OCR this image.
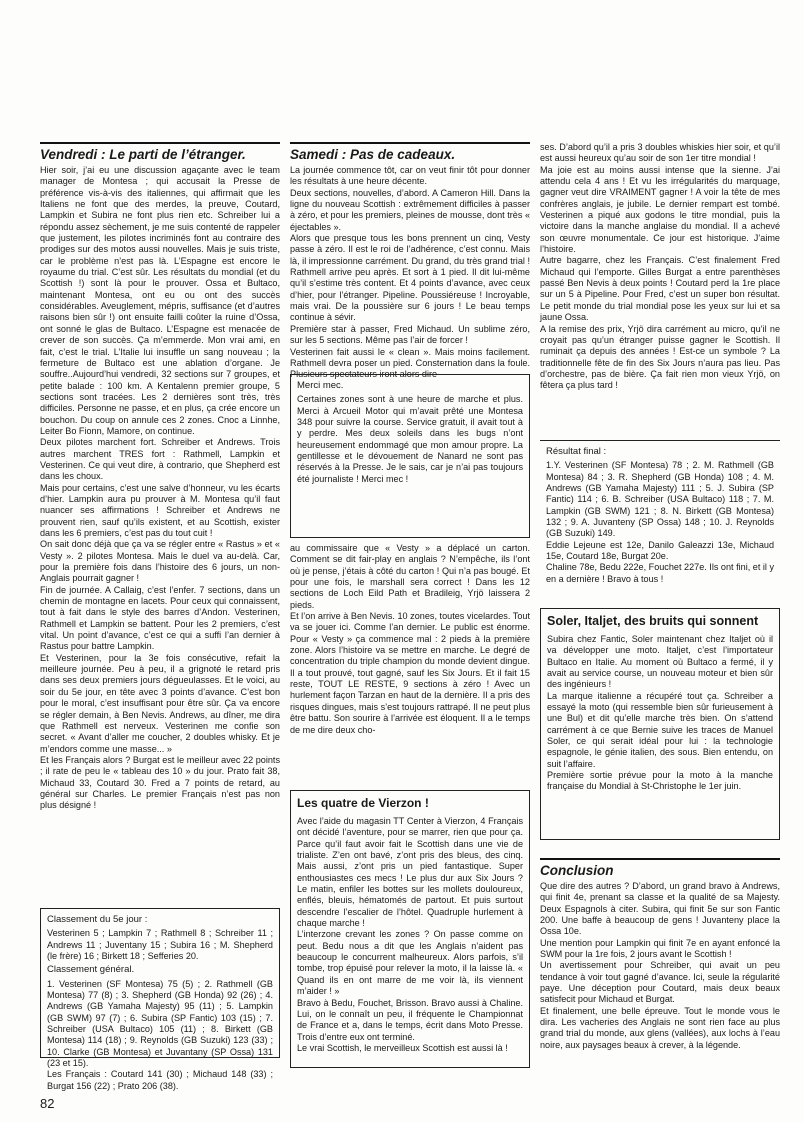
Vendredi : Le parti de l’étranger.

Hier soir, j’ai eu une discussion agaçante avec le team manager de Montesa ; qui accusait la Presse de préférence vis-à-vis des italiennes, qui affirmait que les Italiens ne font que des merdes, la preuve, Coutard, Lampkin et Subira ne font plus rien etc. Schreiber lui a répondu assez sèchement, je me suis contenté de rappeler que justement, les pilotes incriminés font au contraire des prodiges sur des motos aussi nouvelles. Mais je suis triste, car le problème n’est pas là. L’Espagne est encore le royaume du trial. C’est sûr. Les résultats du mondial (et du Scottish !) sont là pour le prouver. Ossa et Bultaco, maintenant Montesa, ont eu ou ont des succès considérables. Aveuglement, mépris, suffisance (et d’autres raisons bien sûr !) ont ensuite failli coûter la ruine d’Ossa, ont sonné le glas de Bultaco. L’Espagne est menacée de crever de son succès. Ça m’emmerde. Mon vrai ami, en fait, c’est le trial. L’Italie lui insuffle un sang nouveau ; la fermeture de Bultaco est une ablation d’organe. Je souffre..Aujourd’hui vendredi, 32 sections sur 7 groupes, et petite balade : 100 km. A Kentalenn premier groupe, 5 sections sont tracées. Les 2 dernières sont très, très difficiles. Personne ne passe, et en plus, ça crée encore un bouchon. Du coup on annule ces 2 zones. Cnoc a Linnhe, Leiter Bo Fionn, Mamore, on continue.

Deux pilotes marchent fort. Schreiber et Andrews. Trois autres marchent TRES fort : Rathmell, Lampkin et Vesterinen. Ce qui veut dire, à contrario, que Shepherd est dans les choux.

Mais pour certains, c’est une salve d’honneur, vu les écarts d’hier. Lampkin aura pu prouver à M. Montesa qu’il faut nuancer ses affirmations ! Schreiber et Andrews ne prouvent rien, sauf qu’ils existent, et au Scottish, exister dans les 6 premiers, c’est pas du tout cuit !

On sait donc déjà que ça va se régler entre « Rastus » et « Vesty ». 2 pilotes Montesa. Mais le duel va au-delà. Car, pour la première fois dans l’histoire des 6 jours, un non-Anglais pourrait gagner !

Fin de journée. A Callaig, c’est l’enfer. 7 sections, dans un chemin de montagne en lacets. Pour ceux qui connaissent, tout à fait dans le style des barres d’Andon. Vesterinen, Rathmell et Lampkin se battent. Pour les 2 premiers, c’est vital. Un point d’avance, c’est ce qui a suffi l’an dernier à Rastus pour battre Lampkin.

Et Vesterinen, pour la 3e fois consécutive, refait la meilleure journée. Peu à peu, il a grignoté le retard pris dans ses deux premiers jours dégueulasses. Et le voici, au soir du 5e jour, en tête avec 3 points d’avance. C’est bon pour le moral, c’est insuffisant pour être sûr. Ça va encore se régler demain, à Ben Nevis. Andrews, au dîner, me dira que Rathmell est nerveux. Vesterinen me confie son secret. « Avant d’aller me coucher, 2 doubles whisky. Et je m’endors comme une masse... »

Et les Français alors ? Burgat est le meilleur avec 22 points ; il rate de peu le « tableau des 10 » du jour. Prato fait 38, Michaud 33, Coutard 30. Fred a 7 points de retard, au général sur Charles. Le premier Français n’est pas non plus désigné !

Classement du 5e jour :

Vesterinen 5 ; Lampkin 7 ; Rathmell 8 ; Schreiber 11 ; Andrews 11 ; Juventany 15 ; Subira 16 ; M. Shepherd (le frère) 16 ; Birkett 18 ; Sefferies 20.

Classement général.

1. Vesterinen (SF Montesa) 75 (5) ; 2. Rathmell (GB Montesa) 77 (8) ; 3. Shepherd (GB Honda) 92 (26) ; 4. Andrews (GB Yamaha Majesty) 95 (11) ; 5. Lampkin (GB SWM) 97 (7) ; 6. Subira (SP Fantic) 103 (15) ; 7. Schreiber (USA Bultaco) 105 (11) ; 8. Birkett (GB Montesa) 114 (18) ; 9. Reynolds (GB Suzuki) 123 (33) ; 10. Clarke (GB Montesa) et Juvantany (SP Ossa) 131 (23 et 15).

Les Français : Coutard 141 (30) ; Michaud 148 (33) ; Burgat 156 (22) ; Prato 206 (38).

Samedi : Pas de cadeaux.

La journée commence tôt, car on veut finir tôt pour donner les résultats à une heure décente.

Deux sections, nouvelles, d’abord. A Cameron Hill. Dans la ligne du nouveau Scottish : extrêmement difficiles à passer à zéro, et pour les premiers, pleines de mousse, dont très « éjectables ».

Alors que presque tous les bons prennent un cinq, Vesty passe à zéro. Il est le roi de l’adhérence, c’est connu. Mais là, il impressionne carrément. Du grand, du très grand trial ! Rathmell arrive peu après. Et sort à 1 pied. Il dit lui-même qu’il s’estime très content. Et 4 points d’avance, avec ceux d’hier, pour l’étranger. Pipeline. Poussiéreuse ! Incroyable, mais vrai. De la poussière sur 6 jours ! Le beau temps continue à sévir.

Première star à passer, Fred Michaud. Un sublime zéro, sur les 5 sections. Même pas l’air de forcer !

Vesterinen fait aussi le « clean ». Mais moins facilement. Rathmell devra poser un pied. Consternation dans la foule. Plusieurs spectateurs iront alors dire

Merci mec.

Certaines zones sont à une heure de marche et plus. Merci à Arcueil Motor qui m’avait prêté une Montesa 348 pour suivre la course. Service gratuit, il avait tout à y perdre. Mes deux soleils dans les bugs n’ont heureusement endommagé que mon amour propre. La gentillesse et le dévouement de Nanard ne sont pas réservés à la Presse. Je le sais, car je n’ai pas toujours été journaliste ! Merci mec !

au commissaire que « Vesty » a déplacé un carton. Comment se dit fair-play en anglais ? N’empêche, ils l’ont où je pense, j’étais à côté du carton ! Qui n’a pas bougé. Et pour une fois, le marshall sera correct ! Dans les 12 sections de Loch Eild Path et Bradileig, Yrjö laissera 2 pieds.

Et l’on arrive à Ben Nevis. 10 zones, toutes vicelardes. Tout va se jouer ici. Comme l’an dernier. Le public est énorme. Pour « Vesty » ça commence mal : 2 pieds à la première zone. Alors l’histoire va se mettre en marche. Le degré de concentration du triple champion du monde devient dingue. Il a tout prouvé, tout gagné, sauf les Six Jours. Et il fait 15 reste, TOUT LE RESTE, 9 sections à zéro ! Avec un hurlement façon Tarzan en haut de la dernière. Il a pris des risques dingues, mais s’est toujours rattrapé. Il ne peut plus être battu. Son sourire à l’arrivée est éloquent. Il a le temps de me dire deux cho-

Les quatre de Vierzon !

Avec l’aide du magasin TT Center à Vierzon, 4 Français ont décidé l’aventure, pour se marrer, rien que pour ça. Parce qu’il faut avoir fait le Scottish dans une vie de trialiste. Z’en ont bavé, z’ont pris des bleus, des cinq. Mais aussi, z’ont pris un pied fantastique. Super enthousiastes ces mecs ! Le plus dur aux Six Jours ? Le matin, enfiler les bottes sur les mollets douloureux, enflés, bleuis, hématomés de partout. Et puis surtout descendre l’escalier de l’hôtel. Quadruple hurlement à chaque marche !

L’interzone crevant les zones ? On passe comme on peut. Bedu nous a dit que les Anglais n’aident pas beaucoup le concurrent malheureux. Alors parfois, s’il tombe, trop épuisé pour relever la moto, il la laisse là. « Quand ils en ont marre de me voir là, ils viennent m’aider ! »

Bravo à Bedu, Fouchet, Brisson. Bravo aussi à Chaline. Lui, on le connaît un peu, il fréquente le Championnat de France et a, dans le temps, écrit dans Moto Presse. Trois d’entre eux ont terminé.

Le vrai Scottish, le merveilleux Scottish est aussi là !

ses. D’abord qu’il a pris 3 doubles whiskies hier soir, et qu’il est aussi heureux qu’au soir de son 1er titre mondial !

Ma joie est au moins aussi intense que la sienne. J’ai attendu cela 4 ans ! Et vu les irrégularités du marquage, gagner veut dire VRAIMENT gagner ! A voir la tête de mes confrères anglais, je jubile. Le dernier rempart est tombé. Vesterinen a piqué aux godons le titre mondial, puis la victoire dans la manche anglaise du mondial. Il a achevé son œuvre monumentale. Ce jour est historique. J’aime l’histoire.

Autre bagarre, chez les Français. C’est finalement Fred Michaud qui l’emporte. Gilles Burgat a entre parenthèses passé Ben Nevis à deux points ! Coutard perd la 1re place sur un 5 à Pipeline. Pour Fred, c’est un super bon résultat. Le petit monde du trial mondial pose les yeux sur lui et sa jaune Ossa.

A la remise des prix, Yrjö dira carrément au micro, qu’il ne croyait pas qu’un étranger puisse gagner le Scottish. Il ruminait ça depuis des années ! Est-ce un symbole ? La traditionnelle fête de fin des Six Jours n’aura pas lieu. Pas d’orchestre, pas de bière. Ça fait rien mon vieux Yrjö, on fêtera ça plus tard !

Résultat final :

1.Y. Vesterinen (SF Montesa) 78 ; 2. M. Rathmell (GB Montesa) 84 ; 3. R. Shepherd (GB Honda) 108 ; 4. M. Andrews (GB Yamaha Majesty) 111 ; 5. J. Subira (SP Fantic) 114 ; 6. B. Schreiber (USA Bultaco) 118 ; 7. M. Lampkin (GB SWM) 121 ; 8. N. Birkett (GB Montesa) 132 ; 9. A. Juvanteny (SP Ossa) 148 ; 10. J. Reynolds (GB Suzuki) 149.

Eddie Lejeune est 12e, Danilo Galeazzi 13e, Michaud 15e, Coutard 18e, Burgat 20e.

Chaline 78e, Bedu 222e, Fouchet 227e. Ils ont fini, et il y en a dernière ! Bravo à tous !

Soler, Italjet, des bruits qui sonnent

Subira chez Fantic, Soler maintenant chez Italjet où il va développer une moto. Italjet, c’est l’importateur Bultaco en Italie. Au moment où Bultaco a fermé, il y avait au service course, un nouveau moteur et bien sûr des ingénieurs !

La marque italienne a récupéré tout ça. Schreiber a essayé la moto (qui ressemble bien sûr furieusement à une Bul) et dit qu’elle marche très bien. On s’attend carrément à ce que Bernie suive les traces de Manuel Soler, ce qui serait idéal pour lui : la technologie espagnole, le génie italien, des sous. Bien entendu, on suit l’affaire.

Première sortie prévue pour la moto à la manche française du Mondial à St-Christophe le 1er juin.

Conclusion

Que dire des autres ? D’abord, un grand bravo à Andrews, qui finit 4e, prenant sa classe et la qualité de sa Majesty. Deux Espagnols à citer. Subira, qui finit 5e sur son Fantic 200. Une baffe à beaucoup de gens ! Juvanteny place la Ossa 10e.

Une mention pour Lampkin qui finit 7e en ayant enfoncé la SWM pour la 1re fois, 2 jours avant le Scottish !

Un avertissement pour Schreiber, qui avait un peu tendance à voir tout gagné d’avance. Ici, seule la régularité paye. Une déception pour Coutard, mais deux beaux satisfecit pour Michaud et Burgat.

Et finalement, une belle épreuve. Tout le monde vous le dira. Les vacheries des Anglais ne sont rien face au plus grand trial du monde, aux glens (vallées), aux lochs à l’eau noire, aux paysages beaux à crever, à la légende.

82
